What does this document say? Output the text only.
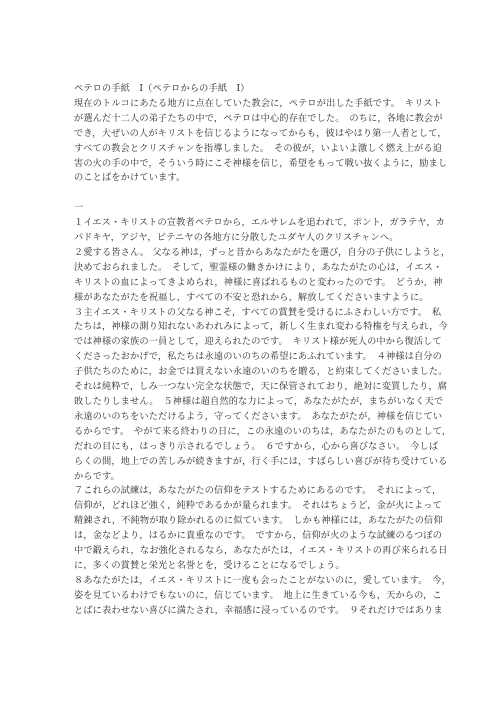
ペテロの手紙　Ⅰ（ペテロからの手紙　Ⅰ）
現在のトルコにあたる地方に点在していた教会に，ペテロが出した手紙です。　キリスト
が選んだ十二人の弟子たちの中で，ペテロは中心的存在でした。　のちに，各地に教会が
でき，大ぜいの人がキリストを信じるようになってからも，彼はやはり第一人者として，
すべての教会とクリスチャンを指導しました。　その彼が，いよいよ激しく燃え上がる迫
害の火の手の中で，そういう時にこそ神様を信じ，希望をもって戦い抜くように，励まし
のことばをかけています。
一
１イエス・キリストの宣教者ペテロから，エルサレムを追われて，ポント，ガラテヤ，カ
パドキヤ，アジヤ，ビテニヤの各地方に分散したユダヤ人のクリスチャンへ。
２愛する皆さん。 父なる神は，ずっと昔からあなたがたを選び，自分の子供にしようと，
決めておられました。　そして，聖霊様の働きかけにより，あなたがたの心は，イエス・
キリストの血によってきよめられ，神様に喜ばれるものと変わったのです。　どうか，神
様があなたがたを祝福し，すべての不安と恐れから，解放してくださいますように。
３主イエス・キリストの父なる神こそ，すべての賞賛を受けるにふさわしい方です。　私
たちは，神様の測り知れないあわれみによって，新しく生まれ変わる特権を与えられ，今
では神様の家族の一員として，迎えられたのです。　キリスト様が死人の中から復活して
くださったおかげで，私たちは永遠のいのちの希望にあふれています。　４神様は自分の
子供たちのために，お金では買えない永遠のいのちを贈る，と約束してくださいました。
それは純粋で，しみ一つない完全な状態で，天に保管されており，絶対に変質したり，腐
敗したりしません。　５神様は超自然的な力によって，あなたがたが，まちがいなく天で
永遠のいのちをいただけるよう，守ってくださいます。　あなたがたが，神様を信じてい
るからです。　やがて来る終わりの日に，この永遠のいのちは，あなたがたのものとして，
だれの目にも，はっきり示されるでしょう。　６ですから，心から喜びなさい。　今しば
らくの間，地上での苦しみが続きますが，行く手には，すばらしい喜びが待ち受けている
からです。
７これらの試練は，あなたがたの信仰をテストするためにあるのです。　それによって，
信仰が，どれほど強く，純粋であるかが量られます。　それはちょうど，金が火によって
精錬され，不純物が取り除かれるのに似ています。　しかも神様には，あなたがたの信仰
は，金などより，はるかに貴重なのです。　ですから，信仰が火のような試練のるつぼの
中で鍛えられ，なお強化されるなら，あなたがたは，イエス・キリストの再び来られる日
に，多くの賞賛と栄光と名誉とを，受けることになるでしょう。
８あなたがたは，イエス・キリストに一度も会ったことがないのに，愛しています。　今，
姿を見ているわけでもないのに，信じています。　地上に生きている今も，天からの，こ
とばに表わせない喜びに満たされ，幸福感に浸っているのです。　９それだけではありま
